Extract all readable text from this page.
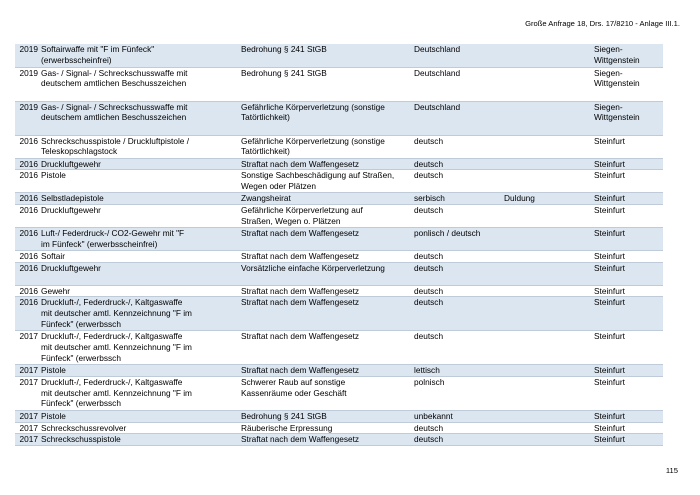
Große Anfrage 18, Drs. 17/8210 - Anlage III.1.
2019	Softairwaffe mit "F im Fünfeck"
(erwerbsscheinfrei)	Bedrohung § 241 StGB	Deutschland		Siegen-Wittgenstein
2019	Gas- / Signal- / Schreckschusswaffe mit
deutschem amtlichen Beschusszeichen	Bedrohung § 241 StGB	Deutschland		Siegen-Wittgenstein
2019	Gas- / Signal- / Schreckschusswaffe mit
deutschem amtlichen Beschusszeichen	Gefährliche Körperverletzung (sonstige
Tatörtlichkeit)	Deutschland		Siegen-Wittgenstein
2016	Schreckschusspistole / Druckluftpistole /
Teleskopschlagstock	Gefährliche Körperverletzung (sonstige
Tatörtlichkeit)	deutsch		Steinfurt
2016	Druckluftgewehr	Straftat nach dem Waffengesetz	deutsch		Steinfurt
2016	Pistole	Sonstige Sachbeschädigung auf Straßen,
Wegen oder Plätzen	deutsch		Steinfurt
2016	Selbstladepistole	Zwangsheirat	serbisch	Duldung	Steinfurt
2016	Druckluftgewehr	Gefährliche Körperverletzung auf
Straßen, Wegen o. Plätzen	deutsch		Steinfurt
2016	Luft-/ Federdruck-/ CO2-Gewehr mit "F
im Fünfeck" (erwerbsscheinfrei)	Straftat nach dem Waffengesetz	ponlisch / deutsch		Steinfurt
2016	Softair	Straftat nach dem Waffengesetz	deutsch		Steinfurt
2016	Druckluftgewehr	Vorsätzliche einfache Körperverletzung	deutsch		Steinfurt
2016	Gewehr	Straftat nach dem Waffengesetz	deutsch		Steinfurt
2016	Druckluft-/, Federdruck-/, Kaltgaswaffe
mit deutscher amtl. Kennzeichnung "F im
Fünfeck" (erwerbssch	Straftat nach dem Waffengesetz	deutsch		Steinfurt
2017	Druckluft-/, Federdruck-/, Kaltgaswaffe
mit deutscher amtl. Kennzeichnung "F im
Fünfeck" (erwerbssch	Straftat nach dem Waffengesetz	deutsch		Steinfurt
2017	Pistole	Straftat nach dem Waffengesetz	lettisch		Steinfurt
2017	Druckluft-/, Federdruck-/, Kaltgaswaffe
mit deutscher amtl. Kennzeichnung "F im
Fünfeck" (erwerbssch	Schwerer Raub auf sonstige
Kassenräume oder Geschäft	polnisch		Steinfurt
2017	Pistole	Bedrohung § 241 StGB	unbekannt		Steinfurt
2017	Schreckschussrevolver	Räuberische Erpressung	deutsch		Steinfurt
2017	Schreckschusspistole	Straftat nach dem Waffengesetz	deutsch		Steinfurt
115
